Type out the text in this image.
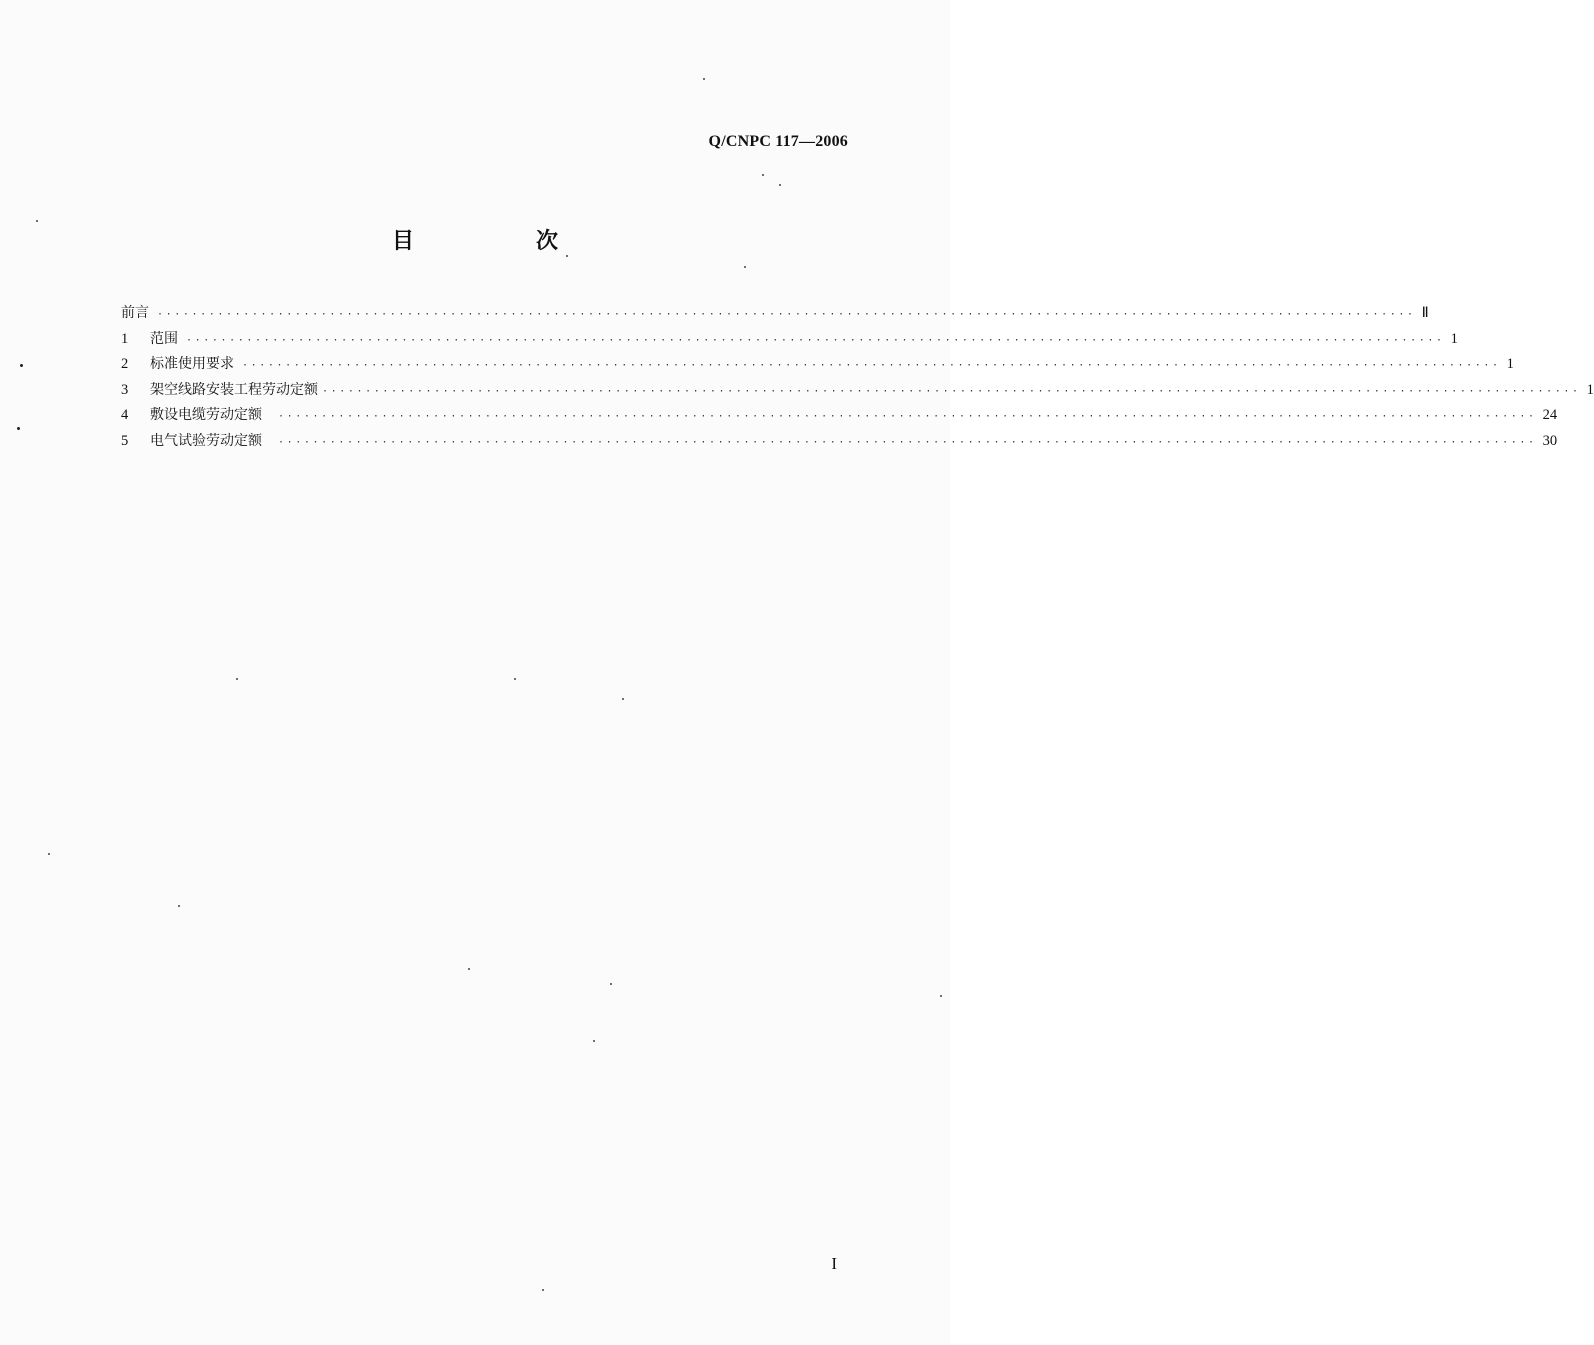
Q/CNPC 117—2006
目　次
前言 ·················································································································································· Ⅱ
1	范围 ·················································································································································· 1
2	标准使用要求 ·················································································································································· 1
3	架空线路安装工程劳动定额 ·················································································································································· 1
4	敷设电缆劳动定额 ·················································································································································· 24
5	电气试验劳动定额 ·················································································································································· 30
I
